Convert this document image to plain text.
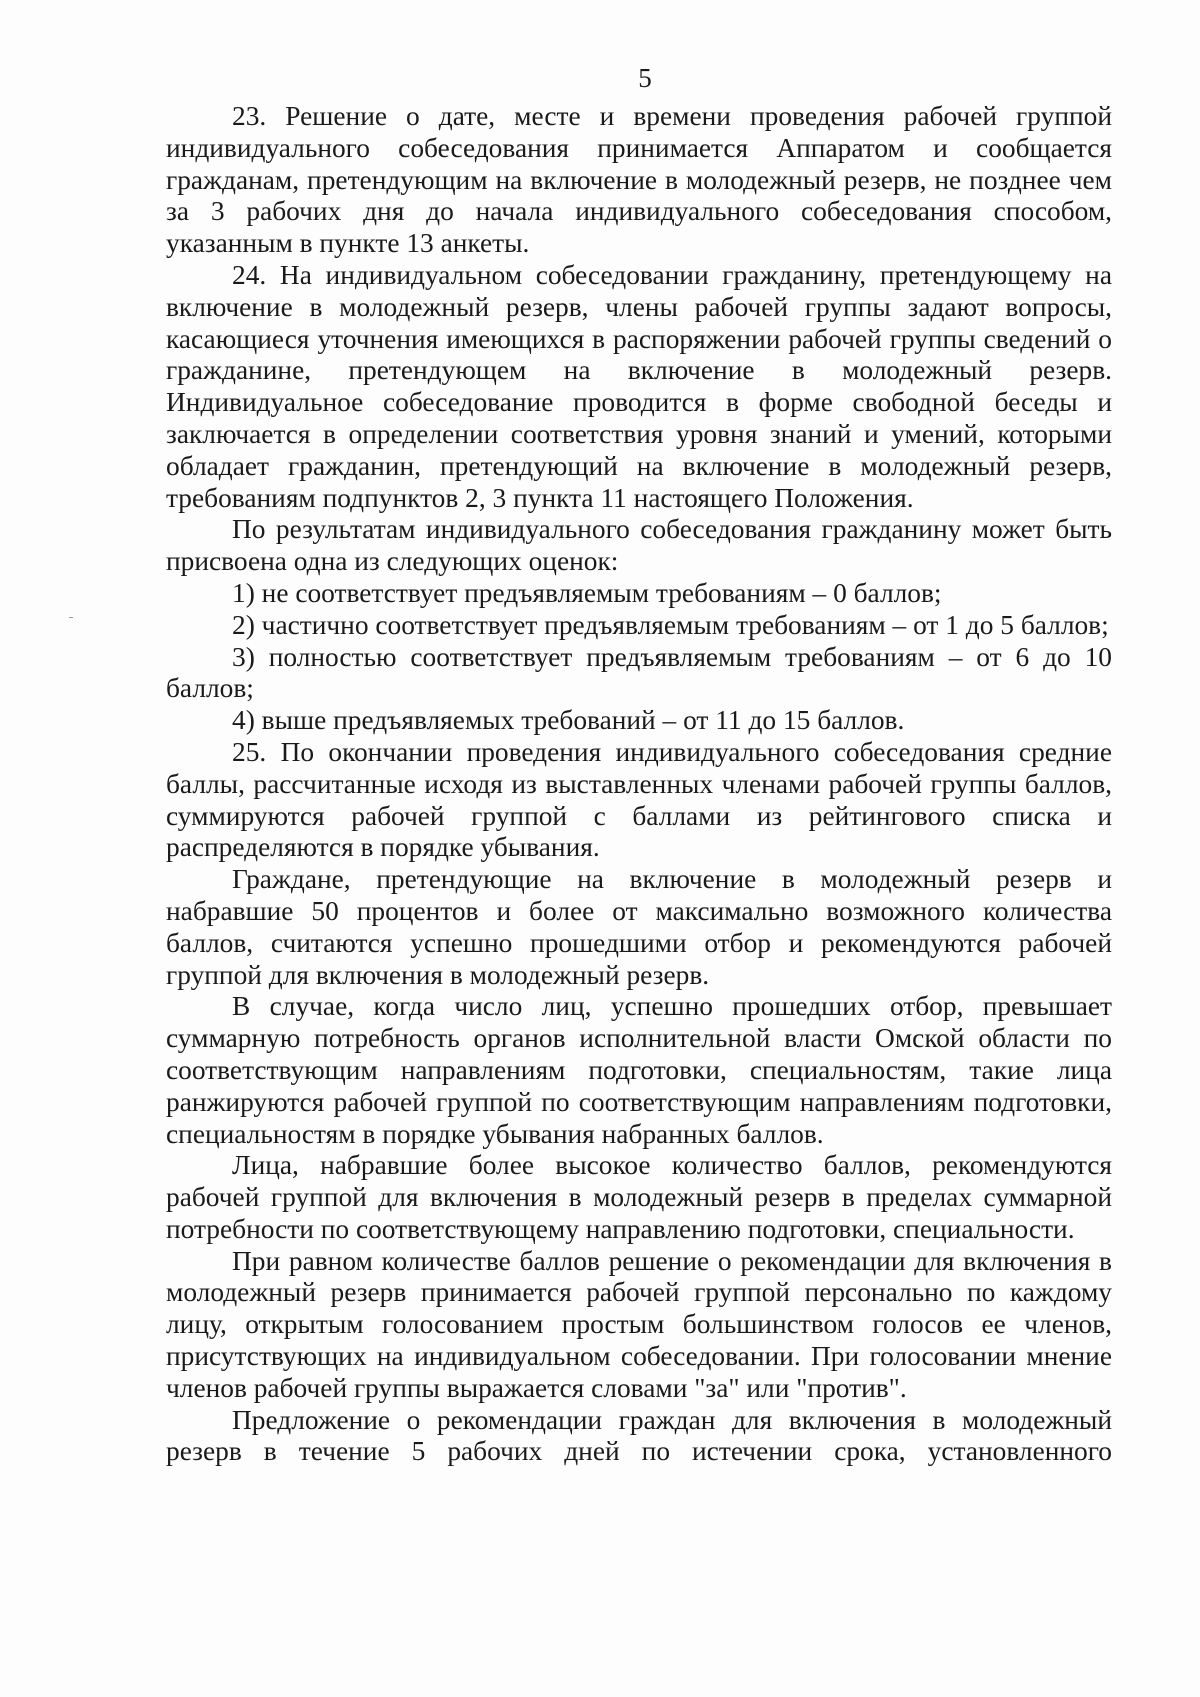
5

23. Решение о дате, месте и времени проведения рабочей группой индивидуального собеседования принимается Аппаратом и сообщается гражданам, претендующим на включение в молодежный резерв, не позднее чем за 3 рабочих дня до начала индивидуального собеседования способом, указанным в пункте 13 анкеты.

24. На индивидуальном собеседовании гражданину, претендующему на включение в молодежный резерв, члены рабочей группы задают вопросы, касающиеся уточнения имеющихся в распоряжении рабочей группы сведений о гражданине, претендующем на включение в молодежный резерв. Индивидуальное собеседование проводится в форме свободной беседы и заключается в определении соответствия уровня знаний и умений, которыми обладает гражданин, претендующий на включение в молодежный резерв, требованиям подпунктов 2, 3 пункта 11 настоящего Положения.

По результатам индивидуального собеседования гражданину может быть присвоена одна из следующих оценок:

1) не соответствует предъявляемым требованиям – 0 баллов;

2) частично соответствует предъявляемым требованиям – от 1 до 5 баллов;

3) полностью соответствует предъявляемым требованиям – от 6 до 10 баллов;

4) выше предъявляемых требований – от 11 до 15 баллов.

25. По окончании проведения индивидуального собеседования средние баллы, рассчитанные исходя из выставленных членами рабочей группы баллов, суммируются рабочей группой с баллами из рейтингового списка и распределяются в порядке убывания.

Граждане, претендующие на включение в молодежный резерв и набравшие 50 процентов и более от максимально возможного количества баллов, считаются успешно прошедшими отбор и рекомендуются рабочей группой для включения в молодежный резерв.

В случае, когда число лиц, успешно прошедших отбор, превышает суммарную потребность органов исполнительной власти Омской области по соответствующим направлениям подготовки, специальностям, такие лица ранжируются рабочей группой по соответствующим направлениям подготовки, специальностям в порядке убывания набранных баллов.

Лица, набравшие более высокое количество баллов, рекомендуются рабочей группой для включения в молодежный резерв в пределах суммарной потребности по соответствующему направлению подготовки, специальности.

При равном количестве баллов решение о рекомендации для включения в молодежный резерв принимается рабочей группой персонально по каждому лицу, открытым голосованием простым большинством голосов ее членов, присутствующих на индивидуальном собеседовании. При голосовании мнение членов рабочей группы выражается словами "за" или "против".

Предложение о рекомендации граждан для включения в молодежный резерв в течение 5 рабочих дней по истечении срока, установленного
